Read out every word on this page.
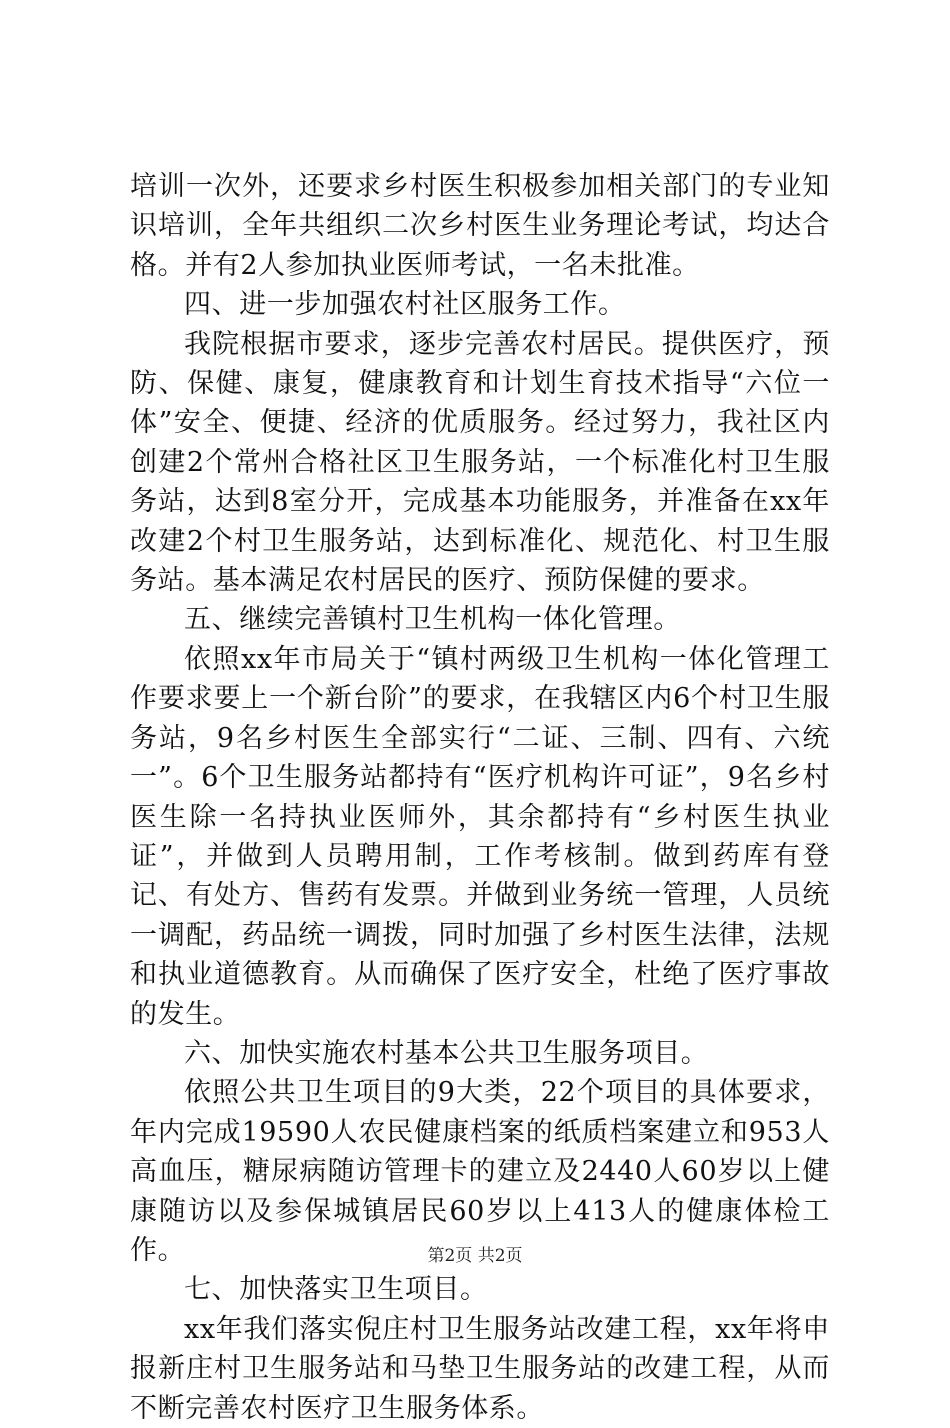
培训一次外，还要求乡村医生积极参加相关部门的专业知识培训，全年共组织二次乡村医生业务理论考试，均达合格。并有2人参加执业医师考试，一名未批准。

四、进一步加强农村社区服务工作。

我院根据市要求，逐步完善农村居民。提供医疗，预防、保健、康复，健康教育和计划生育技术指导“六位一体”安全、便捷、经济的优质服务。经过努力，我社区内创建2个常州合格社区卫生服务站，一个标准化村卫生服务站，达到8室分开，完成基本功能服务，并准备在xx年改建2个村卫生服务站，达到标准化、规范化、村卫生服务站。基本满足农村居民的医疗、预防保健的要求。

五、继续完善镇村卫生机构一体化管理。

依照xx年市局关于“镇村两级卫生机构一体化管理工作要求要上一个新台阶”的要求，在我辖区内6个村卫生服务站，9名乡村医生全部实行“二证、三制、四有、六统一”。6个卫生服务站都持有“医疗机构许可证”，9名乡村医生除一名持执业医师外，其余都持有“乡村医生执业证”，并做到人员聘用制，工作考核制。做到药库有登记、有处方、售药有发票。并做到业务统一管理，人员统一调配，药品统一调拨，同时加强了乡村医生法律，法规和执业道德教育。从而确保了医疗安全，杜绝了医疗事故的发生。

六、加快实施农村基本公共卫生服务项目。

依照公共卫生项目的9大类，22个项目的具体要求，年内完成19590人农民健康档案的纸质档案建立和953人高血压，糖尿病随访管理卡的建立及2440人60岁以上健康随访以及参保城镇居民60岁以上413人的健康体检工作。

七、加快落实卫生项目。

xx年我们落实倪庄村卫生服务站改建工程，xx年将申报新庄村卫生服务站和马垫卫生服务站的改建工程，从而不断完善农村医疗卫生服务体系。

第2页 共2页
